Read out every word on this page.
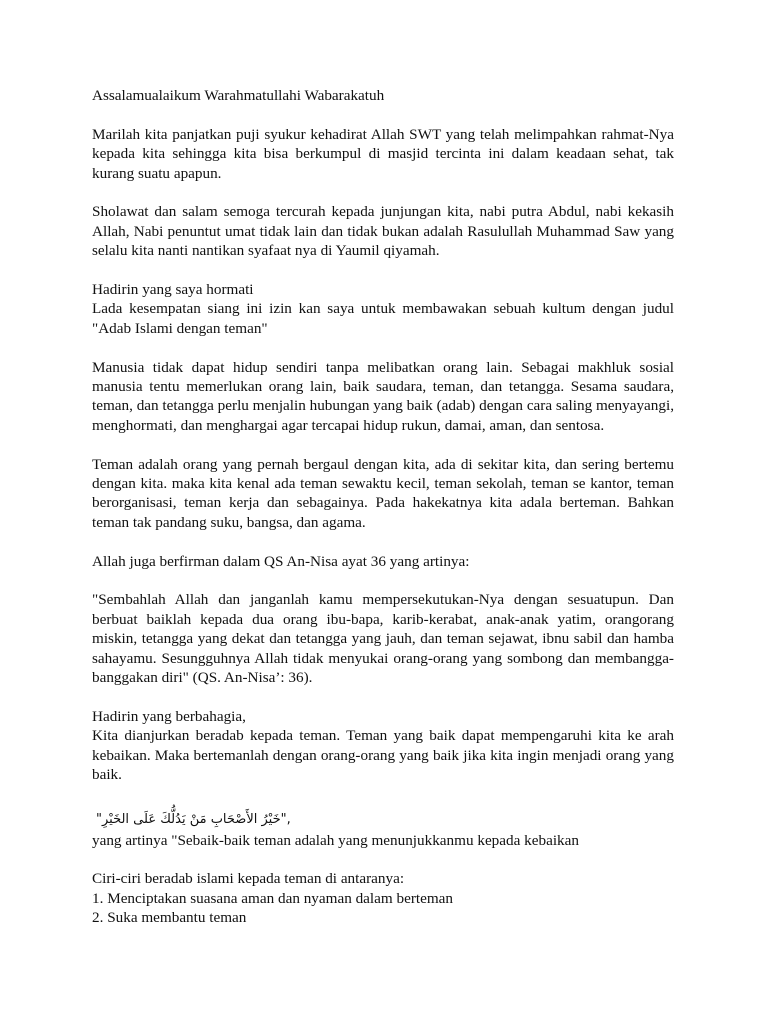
Assalamualaikum Warahmatullahi Wabarakatuh

Marilah kita panjatkan puji syukur kehadirat Allah SWT yang telah melimpahkan rahmat-Nya kepada kita sehingga kita bisa berkumpul di masjid tercinta ini dalam keadaan sehat, tak kurang suatu apapun.

Sholawat dan salam semoga tercurah kepada junjungan kita, nabi putra Abdul, nabi kekasih Allah, Nabi penuntut umat tidak lain dan tidak bukan adalah Rasulullah Muhammad Saw yang selalu kita nanti nantikan syafaat nya di Yaumil qiyamah.

Hadirin yang saya hormati

Lada kesempatan siang ini izin kan saya untuk membawakan sebuah kultum dengan judul "Adab Islami dengan teman"

Manusia tidak dapat hidup sendiri tanpa melibatkan orang lain. Sebagai makhluk sosial manusia tentu memerlukan orang lain, baik saudara, teman, dan tetangga. Sesama saudara, teman, dan tetangga perlu menjalin hubungan yang baik (adab) dengan cara saling menyayangi, menghormati, dan menghargai agar tercapai hidup rukun, damai, aman, dan sentosa.

Teman adalah orang yang pernah bergaul dengan kita, ada di sekitar kita, dan sering bertemu dengan kita. maka kita kenal ada teman sewaktu kecil, teman sekolah, teman se kantor, teman berorganisasi, teman kerja dan sebagainya. Pada hakekatnya kita adala berteman. Bahkan teman tak pandang suku, bangsa, dan agama.

Allah juga berfirman dalam QS An-Nisa ayat 36 yang artinya:

"Sembahlah Allah dan janganlah kamu mempersekutukan-Nya dengan sesuatupun. Dan berbuat baiklah kepada dua orang ibu-bapa, karib-kerabat, anak-anak yatim, orangorang miskin, tetangga yang dekat dan tetangga yang jauh, dan teman sejawat, ibnu sabil dan hamba sahayamu. Sesungguhnya Allah tidak menyukai orang-orang yang sombong dan membangga-banggakan diri" (QS. An-Nisa’: 36).

Hadirin yang berbahagia,

Kita dianjurkan beradab kepada teman. Teman yang baik dapat mempengaruhi kita ke arah kebaikan. Maka bertemanlah dengan orang-orang yang baik jika kita ingin menjadi orang yang baik.

"خَيْرُ الأَصْحَابِ مَنْ يَدُلُّكَ عَلَى الخَيْرِ",

yang artinya "Sebaik-baik teman adalah yang menunjukkanmu kepada kebaikan

Ciri-ciri beradab islami kepada teman di antaranya:

1. Menciptakan suasana aman dan nyaman dalam berteman

2. Suka membantu teman
